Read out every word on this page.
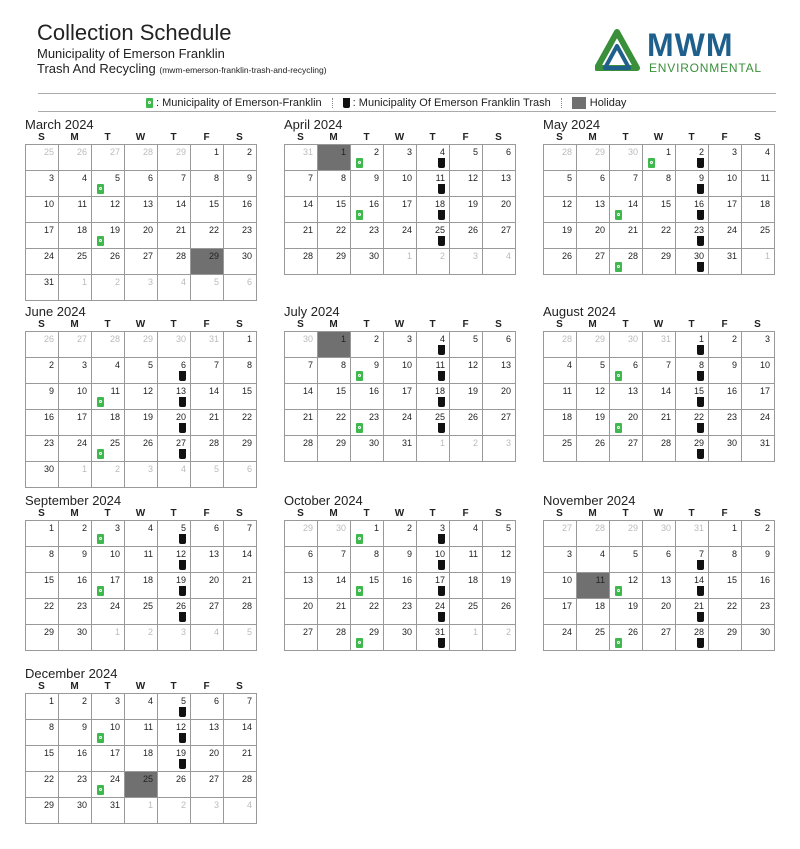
Collection Schedule
Municipality of Emerson Franklin
Trash And Recycling (mwm-emerson-franklin-trash-and-recycling)
MWM
ENVIRONMENTAL
: Municipality of Emerson-Franklin	: Municipality Of Emerson Franklin Trash	Holiday
March 2024
S	M	T	W	T	F	S
25	26	27	28	29	1	2
3	4	5	6	7	8	9
10	11	12	13	14	15	16
17	18	19	20	21	22	23
24	25	26	27	28	29	30
31	1	2	3	4	5	6
April 2024
S	M	T	W	T	F	S
31	1	2	3	4	5	6
7	8	9	10	11	12	13
14	15	16	17	18	19	20
21	22	23	24	25	26	27
28	29	30	1	2	3	4
May 2024
S	M	T	W	T	F	S
28	29	30	1	2	3	4
5	6	7	8	9	10	11
12	13	14	15	16	17	18
19	20	21	22	23	24	25
26	27	28	29	30	31	1
June 2024
S	M	T	W	T	F	S
26	27	28	29	30	31	1
2	3	4	5	6	7	8
9	10	11	12	13	14	15
16	17	18	19	20	21	22
23	24	25	26	27	28	29
30	1	2	3	4	5	6
July 2024
S	M	T	W	T	F	S
30	1	2	3	4	5	6
7	8	9	10	11	12	13
14	15	16	17	18	19	20
21	22	23	24	25	26	27
28	29	30	31	1	2	3
August 2024
S	M	T	W	T	F	S
28	29	30	31	1	2	3
4	5	6	7	8	9	10
11	12	13	14	15	16	17
18	19	20	21	22	23	24
25	26	27	28	29	30	31
September 2024
S	M	T	W	T	F	S
1	2	3	4	5	6	7
8	9	10	11	12	13	14
15	16	17	18	19	20	21
22	23	24	25	26	27	28
29	30	1	2	3	4	5
October 2024
S	M	T	W	T	F	S
29	30	1	2	3	4	5
6	7	8	9	10	11	12
13	14	15	16	17	18	19
20	21	22	23	24	25	26
27	28	29	30	31	1	2
November 2024
S	M	T	W	T	F	S
27	28	29	30	31	1	2
3	4	5	6	7	8	9
10	11	12	13	14	15	16
17	18	19	20	21	22	23
24	25	26	27	28	29	30
December 2024
S	M	T	W	T	F	S
1	2	3	4	5	6	7
8	9	10	11	12	13	14
15	16	17	18	19	20	21
22	23	24	25	26	27	28
29	30	31	1	2	3	4
